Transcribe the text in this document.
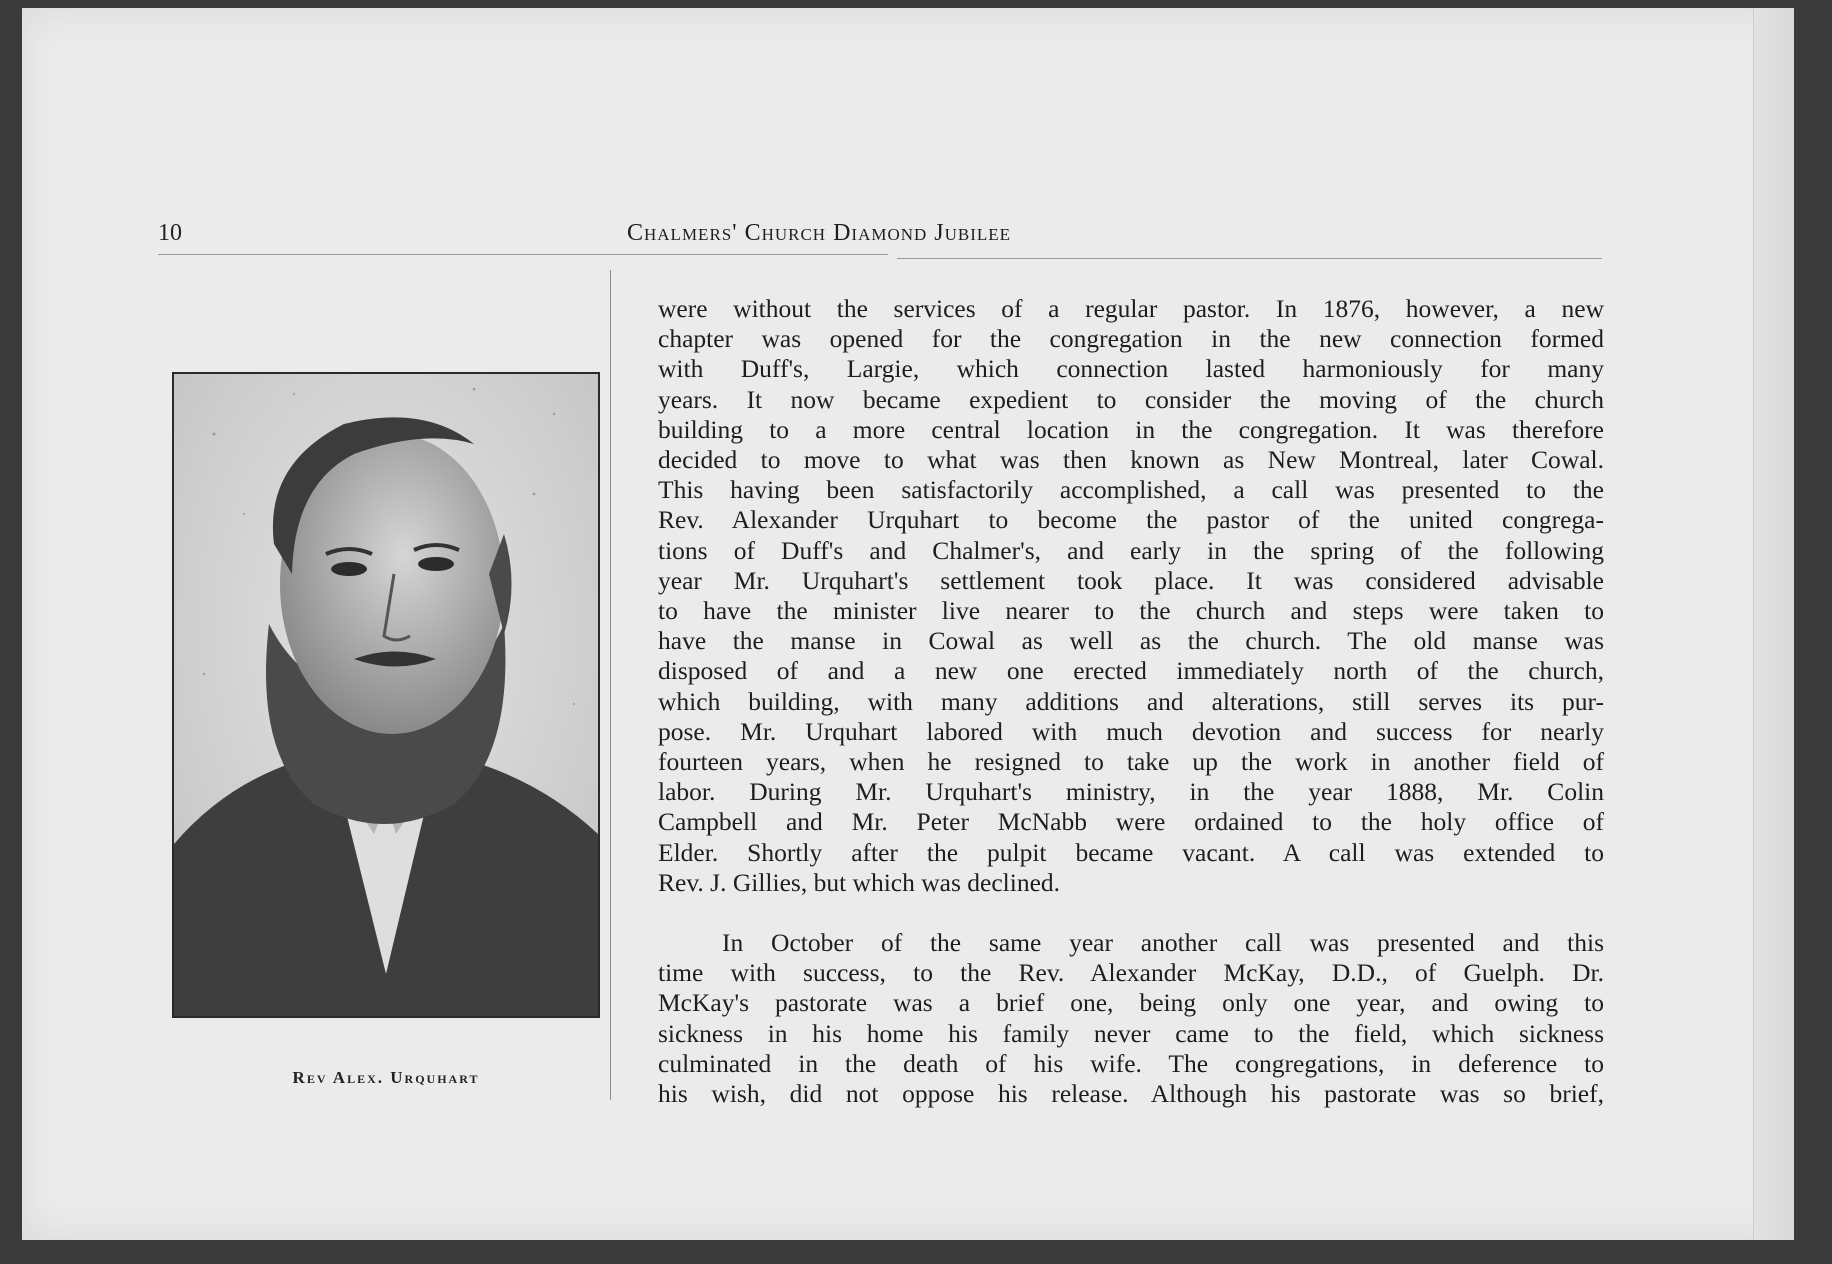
10	Chalmers' Church Diamond Jubilee
Rev Alex. Urquhart

were without the services of a regular pastor. In 1876, however, a new

chapter was opened for the congregation in the new connection formed

with Duff's, Largie, which connection lasted harmoniously for many

years. It now became expedient to consider the moving of the church

building to a more central location in the congregation. It was therefore

decided to move to what was then known as New Montreal, later Cowal.

This having been satisfactorily accomplished, a call was presented to the

Rev. Alexander Urquhart to become the pastor of the united congrega-

tions of Duff's and Chalmer's, and early in the spring of the following

year Mr. Urquhart's settlement took place. It was considered advisable

to have the minister live nearer to the church and steps were taken to

have the manse in Cowal as well as the church. The old manse was

disposed of and a new one erected immediately north of the church,

which building, with many additions and alterations, still serves its pur-

pose. Mr. Urquhart labored with much devotion and success for nearly

fourteen years, when he resigned to take up the work in another field of

labor. During Mr. Urquhart's ministry, in the year 1888, Mr. Colin

Campbell and Mr. Peter McNabb were ordained to the holy office of

Elder. Shortly after the pulpit became vacant. A call was extended to

Rev. J. Gillies, but which was declined.

In October of the same year another call was presented and this

time with success, to the Rev. Alexander McKay, D.D., of Guelph. Dr.

McKay's pastorate was a brief one, being only one year, and owing to

sickness in his home his family never came to the field, which sickness

culminated in the death of his wife. The congregations, in deference to

his wish, did not oppose his release. Although his pastorate was so brief,
